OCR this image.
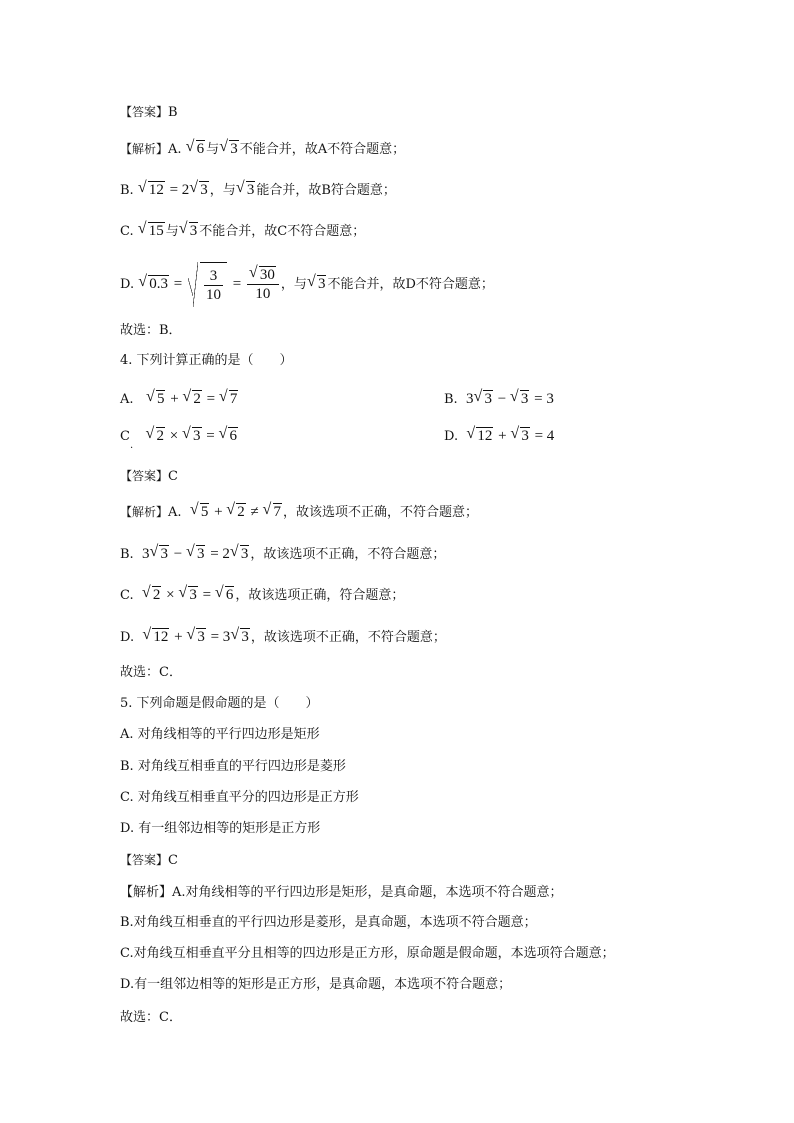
【答案】B
【解析】A. √ 6 与 √ 3 不能合并，故A不符合题意；
B. √ 12 = 2 √ 3 ，与 √ 3 能合并，故B符合题意；
C. √ 15 与 √ 3 不能合并，故C不符合题意；
D. √ $0.3 = \frac{3}{10}$ = √ $\frac{30}{10}$ ，与 √ 3 不能合并，故D不符合题意；
故选：B．
4. 下列计算正确的是（　　）
A. √ 5 + √ 2 = √ 7	B. 3 √ 3 − √ 3 = 3
$C_.$   √ 2 × √ 3 = √ 6	D. √ 12 + √ 3 = 4
【答案】C
【解析】A.  √ 5 + √ 2 ≠ √ 7 ，故该选项不正确，不符合题意；
B.  3 √ 3 − √ 3 = 2 √ 3 ，故该选项不正确，不符合题意；
C.  √ 2 × √ 3 = √ 6 ，故该选项正确，符合题意；
D.  √ 12 + √ 3 = 3 √ 3 ，故该选项不正确，不符合题意；
故选：C．
5. 下列命题是假命题的是（　　）
A. 对角线相等的平行四边形是矩形
B. 对角线互相垂直的平行四边形是菱形
C. 对角线互相垂直平分的四边形是正方形
D. 有一组邻边相等的矩形是正方形
【答案】C
【解析】A.对角线相等的平行四边形是矩形，是真命题，本选项不符合题意；
B.对角线互相垂直的平行四边形是菱形，是真命题，本选项不符合题意；
C.对角线互相垂直平分且相等的四边形是正方形，原命题是假命题，本选项符合题意；
D.有一组邻边相等的矩形是正方形，是真命题，本选项不符合题意；
故选：C．
